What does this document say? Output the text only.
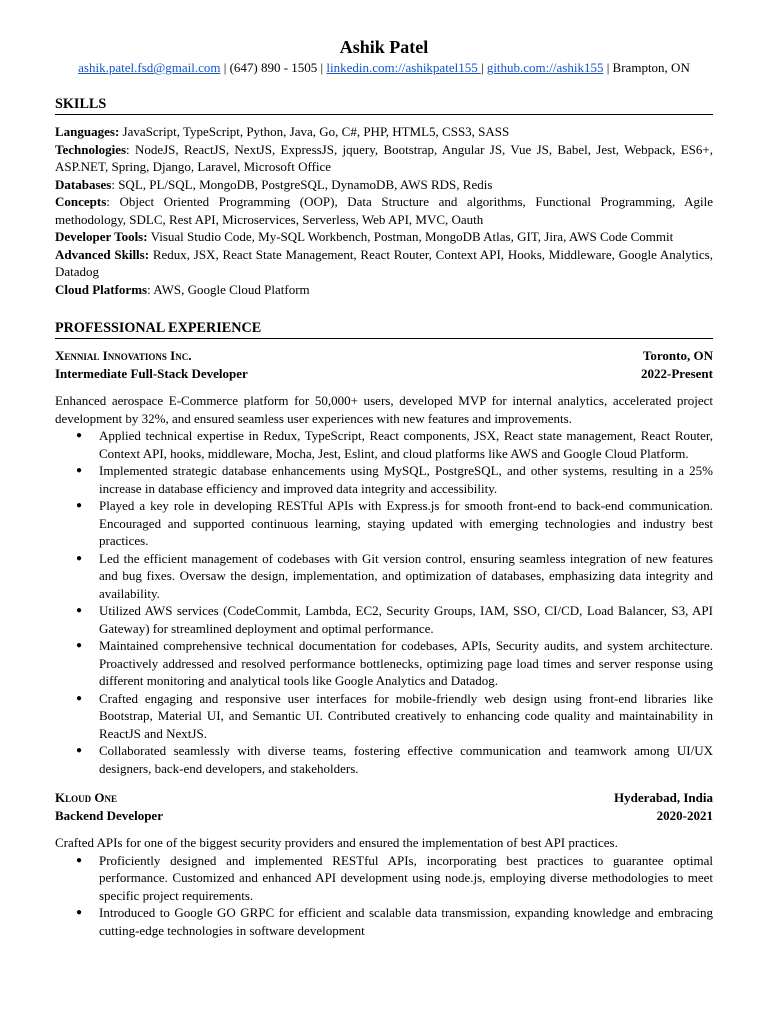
Ashik Patel
ashik.patel.fsd@gmail.com | (647) 890 - 1505 | linkedin.com://ashikpatel155 | github.com://ashik155 | Brampton, ON
SKILLS
Languages: JavaScript, TypeScript, Python, Java, Go, C#, PHP, HTML5, CSS3, SASS
Technologies: NodeJS, ReactJS, NextJS, ExpressJS, jquery, Bootstrap, Angular JS, Vue JS, Babel, Jest, Webpack, ES6+, ASP.NET, Spring, Django, Laravel, Microsoft Office
Databases: SQL, PL/SQL, MongoDB, PostgreSQL, DynamoDB, AWS RDS, Redis
Concepts: Object Oriented Programming (OOP), Data Structure and algorithms, Functional Programming, Agile methodology, SDLC, Rest API, Microservices, Serverless, Web API, MVC, Oauth
Developer Tools: Visual Studio Code, My-SQL Workbench, Postman, MongoDB Atlas, GIT, Jira, AWS Code Commit
Advanced Skills: Redux, JSX, React State Management, React Router, Context API, Hooks, Middleware, Google Analytics, Datadog
Cloud Platforms: AWS, Google Cloud Platform
PROFESSIONAL EXPERIENCE
Xennial Innovations Inc.	Toronto, ON
Intermediate Full-Stack Developer	2022-Present
Enhanced aerospace E-Commerce platform for 50,000+ users, developed MVP for internal analytics, accelerated project development by 32%, and ensured seamless user experiences with new features and improvements.
● Applied technical expertise in Redux, TypeScript, React components, JSX, React state management, React Router, Context API, hooks, middleware, Mocha, Jest, Eslint, and cloud platforms like AWS and Google Cloud Platform.
● Implemented strategic database enhancements using MySQL, PostgreSQL, and other systems, resulting in a 25% increase in database efficiency and improved data integrity and accessibility.
● Played a key role in developing RESTful APIs with Express.js for smooth front-end to back-end communication. Encouraged and supported continuous learning, staying updated with emerging technologies and industry best practices.
● Led the efficient management of codebases with Git version control, ensuring seamless integration of new features and bug fixes. Oversaw the design, implementation, and optimization of databases, emphasizing data integrity and availability.
● Utilized AWS services (CodeCommit, Lambda, EC2, Security Groups, IAM, SSO, CI/CD, Load Balancer, S3, API Gateway) for streamlined deployment and optimal performance.
● Maintained comprehensive technical documentation for codebases, APIs, Security audits, and system architecture. Proactively addressed and resolved performance bottlenecks, optimizing page load times and server response using different monitoring and analytical tools like Google Analytics and Datadog.
● Crafted engaging and responsive user interfaces for mobile-friendly web design using front-end libraries like Bootstrap, Material UI, and Semantic UI. Contributed creatively to enhancing code quality and maintainability in ReactJS and NextJS.
● Collaborated seamlessly with diverse teams, fostering effective communication and teamwork among UI/UX designers, back-end developers, and stakeholders.
Kloud One	Hyderabad, India
Backend Developer	2020-2021
Crafted APIs for one of the biggest security providers and ensured the implementation of best API practices.
● Proficiently designed and implemented RESTful APIs, incorporating best practices to guarantee optimal performance. Customized and enhanced API development using node.js, employing diverse methodologies to meet specific project requirements.
● Introduced to Google GO GRPC for efficient and scalable data transmission, expanding knowledge and embracing cutting-edge technologies in software development
